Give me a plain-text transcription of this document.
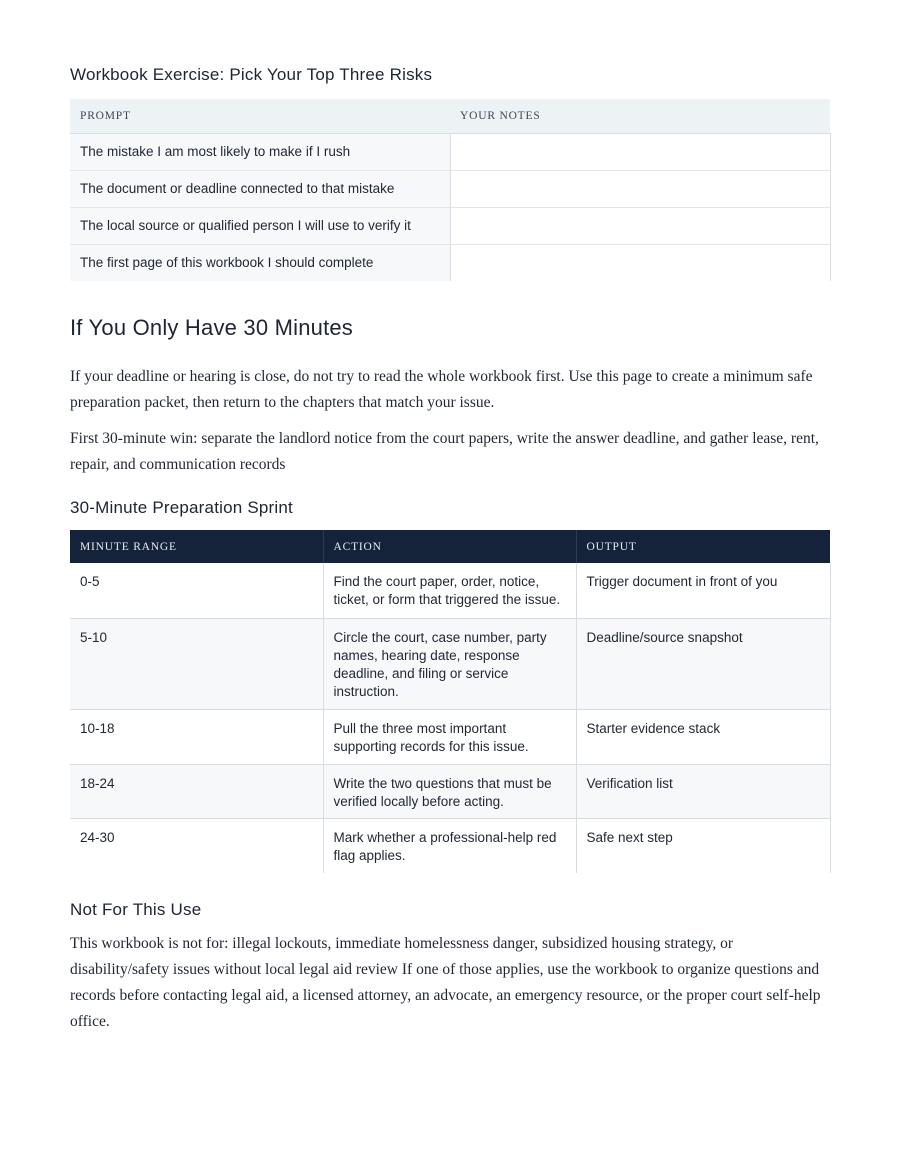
Workbook Exercise: Pick Your Top Three Risks
PROMPT	YOUR NOTES
The mistake I am most likely to make if I rush	
The document or deadline connected to that mistake	
The local source or qualified person I will use to verify it	
The first page of this workbook I should complete	
If You Only Have 30 Minutes

If your deadline or hearing is close, do not try to read the whole workbook first. Use this page to create a minimum safe preparation packet, then return to the chapters that match your issue.

First 30-minute win: separate the landlord notice from the court papers, write the answer deadline, and gather lease, rent, repair, and communication records

30-Minute Preparation Sprint
MINUTE RANGE	ACTION	OUTPUT
0-5	Find the court paper, order, notice, ticket, or form that triggered the issue.	Trigger document in front of you
5-10	Circle the court, case number, party names, hearing date, response deadline, and filing or service instruction.	Deadline/source snapshot
10-18	Pull the three most important supporting records for this issue.	Starter evidence stack
18-24	Write the two questions that must be verified locally before acting.	Verification list
24-30	Mark whether a professional-help red flag applies.	Safe next step
Not For This Use

This workbook is not for: illegal lockouts, immediate homelessness danger, subsidized housing strategy, or disability/safety issues without local legal aid review If one of those applies, use the workbook to organize questions and records before contacting legal aid, a licensed attorney, an advocate, an emergency resource, or the proper court self-help office.
